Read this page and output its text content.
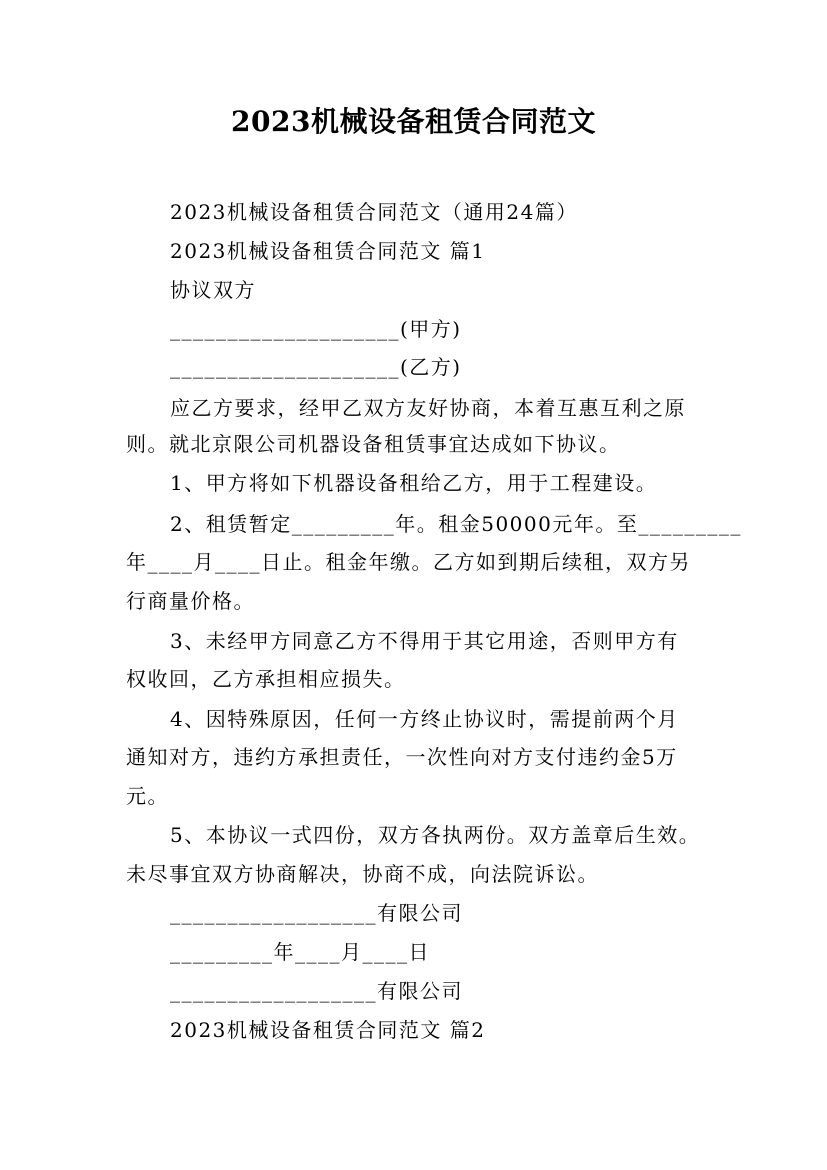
2023机械设备租赁合同范文
2023机械设备租赁合同范文（通用24篇）
2023机械设备租赁合同范文 篇1
协议双方
____________________(甲方)
____________________(乙方)
应乙方要求，经甲乙双方友好协商，本着互惠互利之原
则。就北京限公司机器设备租赁事宜达成如下协议。
1、甲方将如下机器设备租给乙方，用于工程建设。
2、租赁暂定_________年。租金50000元年。至_________
年____月____日止。租金年缴。乙方如到期后续租，双方另
行商量价格。
3、未经甲方同意乙方不得用于其它用途，否则甲方有
权收回，乙方承担相应损失。
4、因特殊原因，任何一方终止协议时，需提前两个月
通知对方，违约方承担责任，一次性向对方支付违约金5万
元。
5、本协议一式四份，双方各执两份。双方盖章后生效。
未尽事宜双方协商解决，协商不成，向法院诉讼。
__________________有限公司
_________年____月____日
__________________有限公司
2023机械设备租赁合同范文 篇2
